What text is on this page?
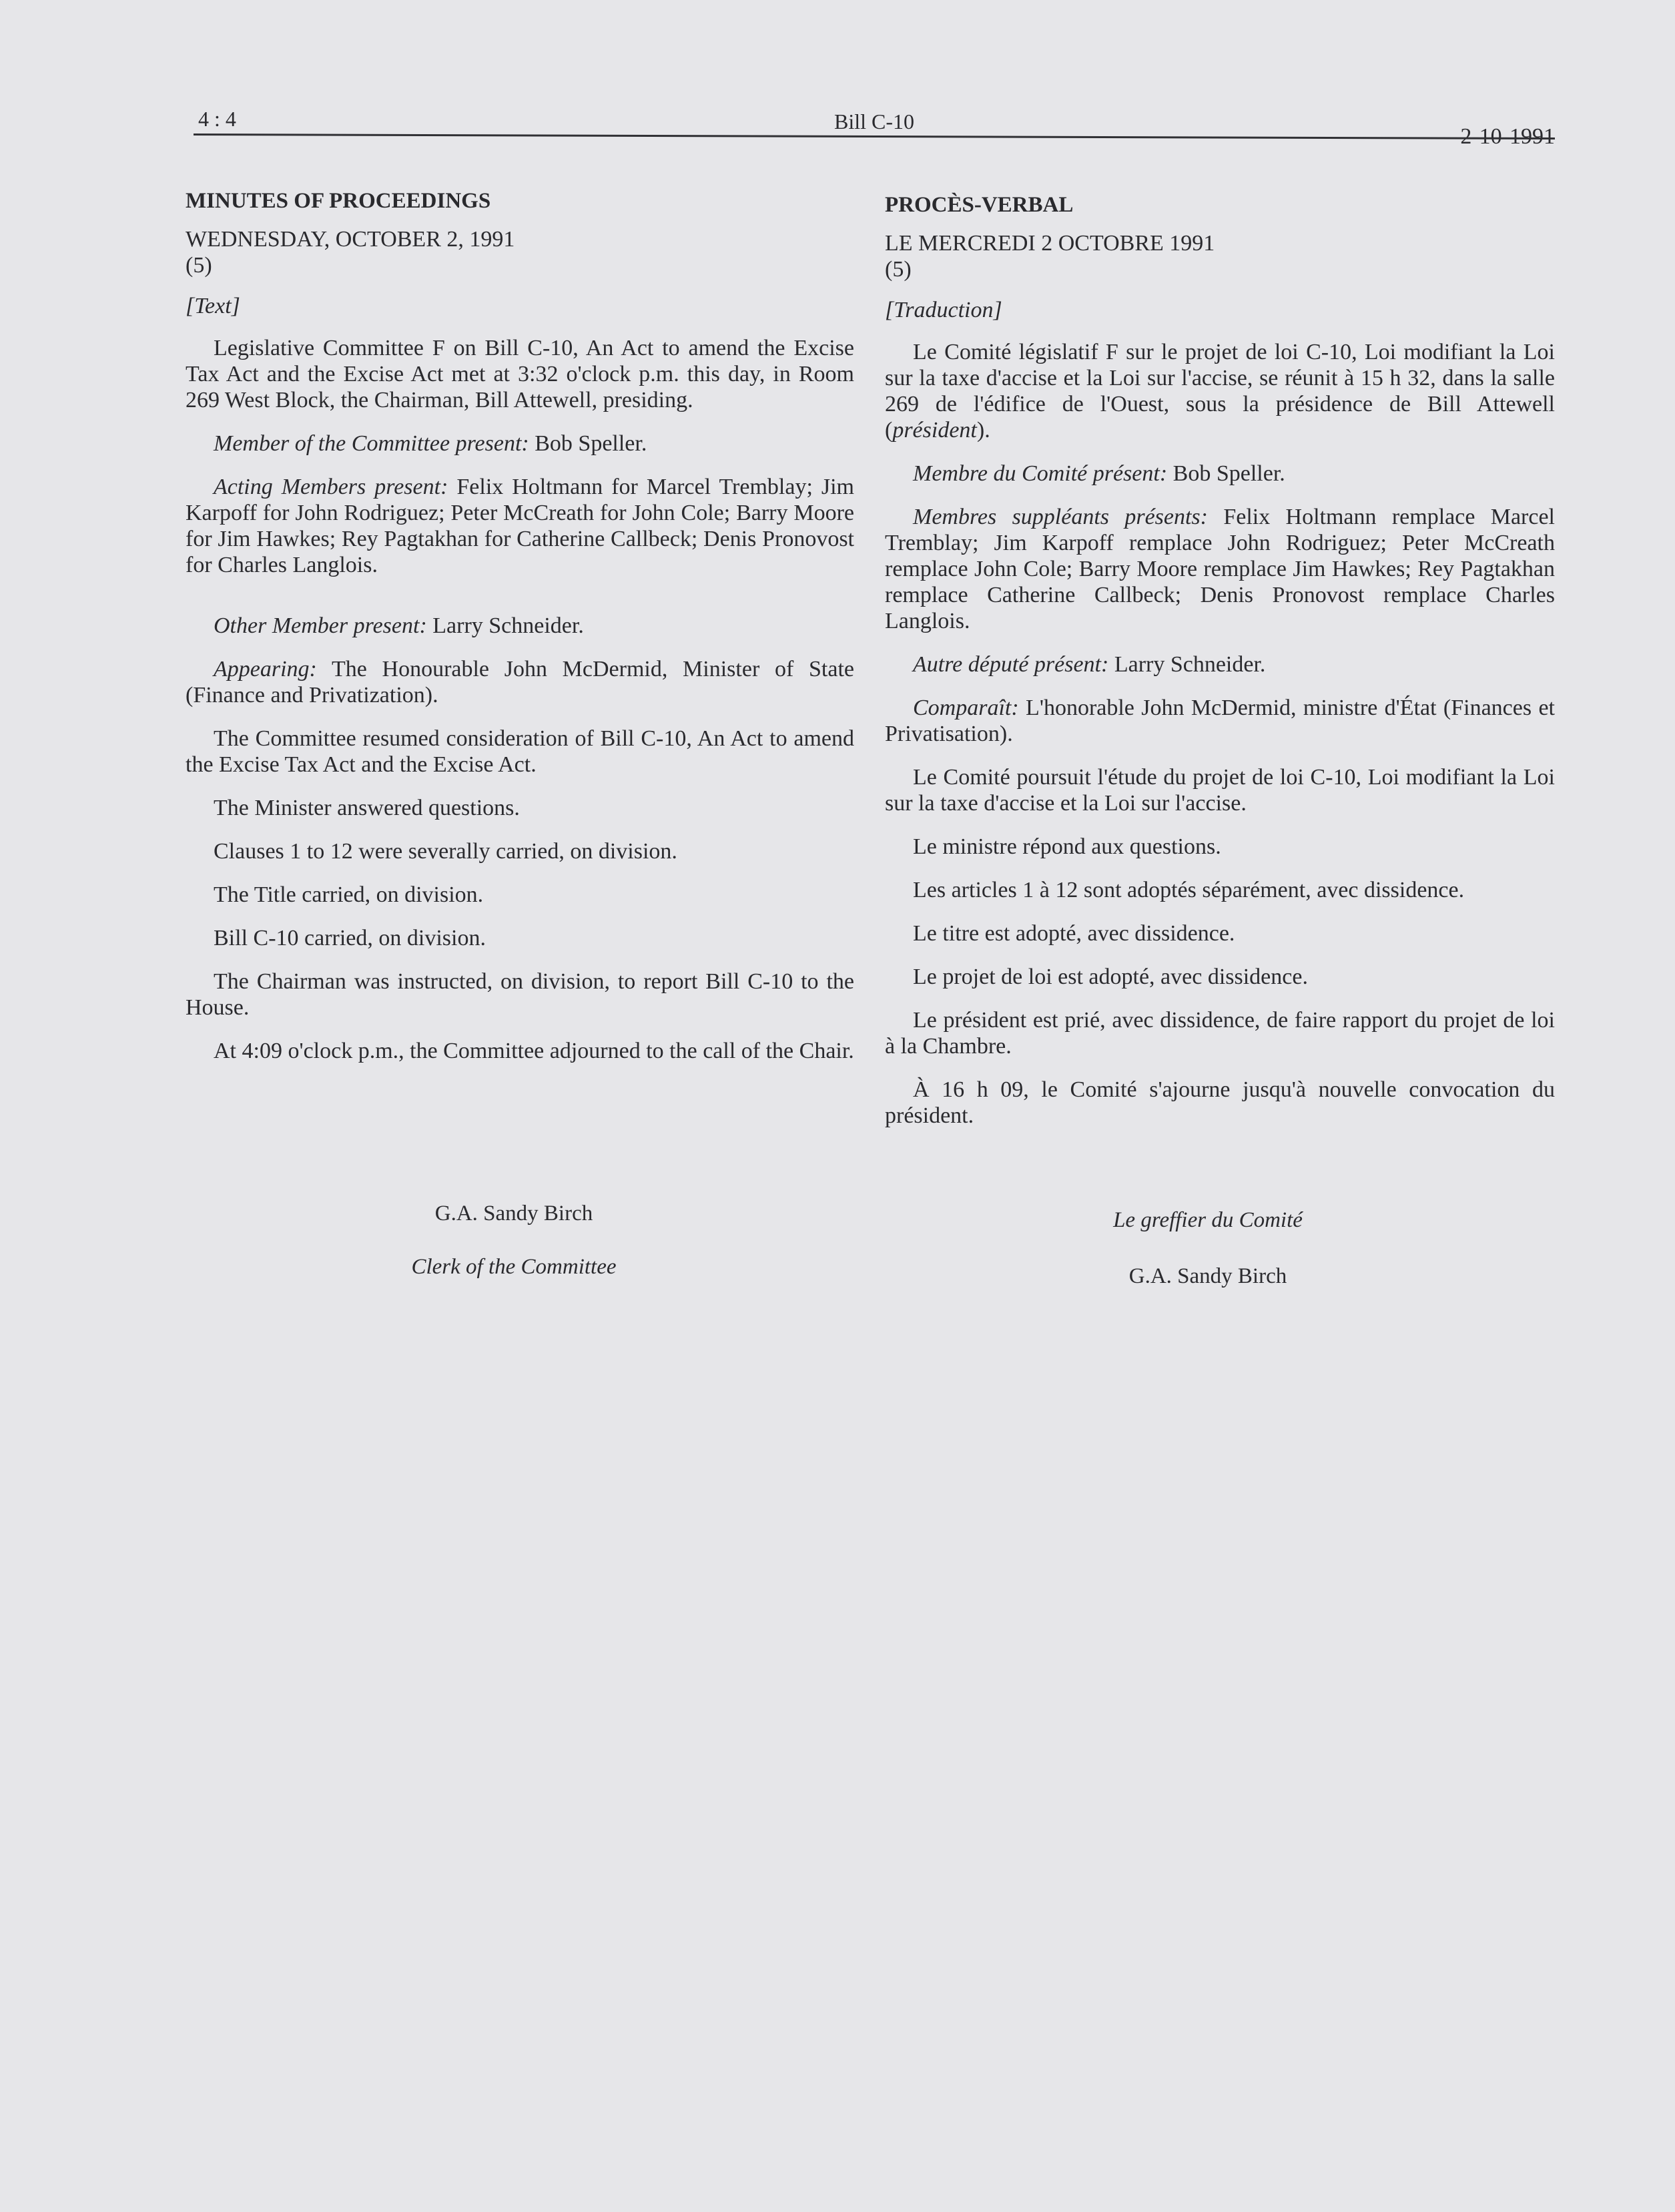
4 : 4	Bill C-10
2-10-1991

MINUTES OF PROCEEDINGS

WEDNESDAY, OCTOBER 2, 1991

(5)

[Text]

Legislative Committee F on Bill C-10, An Act to amend the Excise Tax Act and the Excise Act met at 3:32 o'clock p.m. this day, in Room 269 West Block, the Chairman, Bill Attewell, presiding.

Member of the Committee present: Bob Speller.

Acting Members present: Felix Holtmann for Marcel Tremblay; Jim Karpoff for John Rodriguez; Peter McCreath for John Cole; Barry Moore for Jim Hawkes; Rey Pagtakhan for Catherine Callbeck; Denis Pronovost for Charles Langlois.

Other Member present: Larry Schneider.

Appearing: The Honourable John McDermid, Minister of State (Finance and Privatization).

The Committee resumed consideration of Bill C-10, An Act to amend the Excise Tax Act and the Excise Act.

The Minister answered questions.

Clauses 1 to 12 were severally carried, on division.

The Title carried, on division.

Bill C-10 carried, on division.

The Chairman was instructed, on division, to report Bill C-10 to the House.

At 4:09 o'clock p.m., the Committee adjourned to the call of the Chair.

G.A. Sandy Birch
Clerk of the Committee

PROCÈS-VERBAL

LE MERCREDI 2 OCTOBRE 1991

(5)

[Traduction]

Le Comité législatif F sur le projet de loi C-10, Loi modifiant la Loi sur la taxe d'accise et la Loi sur l'accise, se réunit à 15 h 32, dans la salle 269 de l'édifice de l'Ouest, sous la présidence de Bill Attewell (président).

Membre du Comité présent: Bob Speller.

Membres suppléants présents: Felix Holtmann remplace Marcel Tremblay; Jim Karpoff remplace John Rodriguez; Peter McCreath remplace John Cole; Barry Moore remplace Jim Hawkes; Rey Pagtakhan remplace Catherine Callbeck; Denis Pronovost remplace Charles Langlois.

Autre député présent: Larry Schneider.

Comparaît: L'honorable John McDermid, ministre d'État (Finances et Privatisation).

Le Comité poursuit l'étude du projet de loi C-10, Loi modifiant la Loi sur la taxe d'accise et la Loi sur l'accise.

Le ministre répond aux questions.

Les articles 1 à 12 sont adoptés séparément, avec dissidence.

Le titre est adopté, avec dissidence.

Le projet de loi est adopté, avec dissidence.

Le président est prié, avec dissidence, de faire rapport du projet de loi à la Chambre.

À 16 h 09, le Comité s'ajourne jusqu'à nouvelle convocation du président.

Le greffier du Comité
G.A. Sandy Birch
